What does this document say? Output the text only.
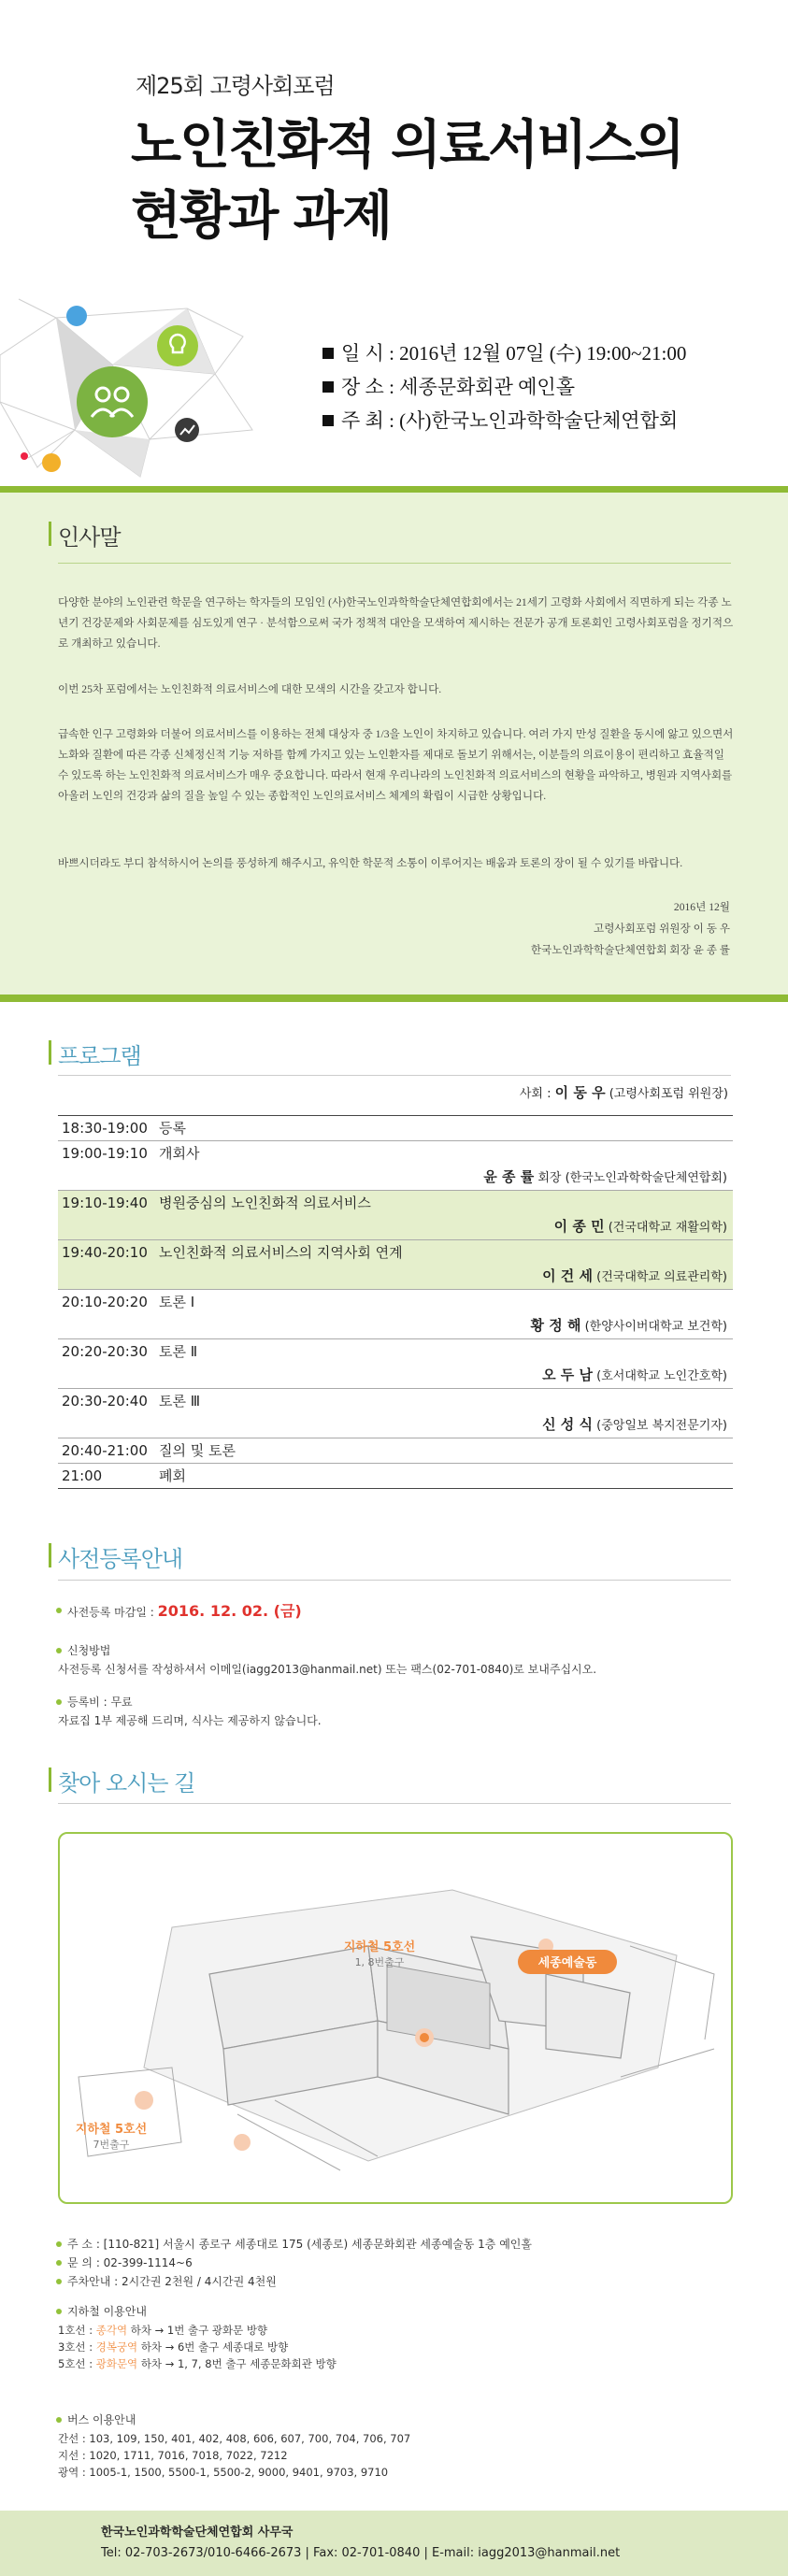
제25회 고령사회포럼
노인친화적 의료서비스의
현황과 과제
일 시 : 2016년 12월 07일 (수) 19:00~21:00
장 소 : 세종문화회관 예인홀
주 최 : (사)한국노인과학학술단체연합회
인사말
다양한 분야의 노인관련 학문을 연구하는 학자들의 모임인 (사)한국노인과학학술단체연합회에서는 21세기 고령화 사회에서 직면하게 되는 각종 노년기 건강문제와 사회문제를 심도있게 연구 · 분석함으로써 국가 정책적 대안을 모색하여 제시하는 전문가 공개 토론회인 고령사회포럼을 정기적으로 개최하고 있습니다.
이번 25차 포럼에서는 노인친화적 의료서비스에 대한 모색의 시간을 갖고자 합니다.
급속한 인구 고령화와 더불어 의료서비스를 이용하는 전체 대상자 중 1/3을 노인이 차지하고 있습니다. 여러 가지 만성 질환을 동시에 앓고 있으면서 노화와 질환에 따른 각종 신체정신적 기능 저하를 함께 가지고 있는 노인환자를 제대로 돌보기 위해서는, 이분들의 의료이용이 편리하고 효율적일 수 있도록 하는 노인친화적 의료서비스가 매우 중요합니다. 따라서 현재 우리나라의 노인친화적 의료서비스의 현황을 파악하고, 병원과 지역사회를 아울러 노인의 건강과 삶의 질을 높일 수 있는 종합적인 노인의료서비스 체계의 확립이 시급한 상황입니다.
바쁘시더라도 부디 참석하시어 논의를 풍성하게 해주시고, 유익한 학문적 소통이 이루어지는 배움과 토론의 장이 될 수 있기를 바랍니다.
2016년 12월
고령사회포럼 위원장 이 동 우
한국노인과학학술단체연합회 회장 윤 종 률
프로그램
사회 : 이 동 우 (고령사회포럼 위원장)
18:30-19:00 등록
19:00-19:10 개회사
윤 종 률 회장 (한국노인과학학술단체연합회)
19:10-19:40 병원중심의 노인친화적 의료서비스
이 종 민 (건국대학교 재활의학)
19:40-20:10 노인친화적 의료서비스의 지역사회 연계
이 건 세 (건국대학교 의료관리학)
20:10-20:20 토론 Ⅰ
황 정 해 (한양사이버대학교 보건학)
20:20-20:30 토론 Ⅱ
오 두 남 (호서대학교 노인간호학)
20:30-20:40 토론 Ⅲ
신 성 식 (중앙일보 복지전문기자)
20:40-21:00 질의 및 토론
21:00	폐회
사전등록안내
사전등록 마감일 : 2016. 12. 02. (금)
신청방법
사전등록 신청서를 작성하셔서 이메일(iagg2013@hanmail.net) 또는 팩스(02-701-0840)로 보내주십시오.
등록비 : 무료
자료집 1부 제공해 드리며, 식사는 제공하지 않습니다.
찾아 오시는 길
세종예술동
지하철 5호선
1, 8번출구
지하철 5호선
7번출구
주 소 : [110-821] 서울시 종로구 세종대로 175 (세종로) 세종문화회관 세종예술동 1층 예인홀
문 의 : 02-399-1114~6
주차안내 : 2시간권 2천원 / 4시간권 4천원
지하철 이용안내
1호선 : 종각역 하차 → 1번 출구 광화문 방향
3호선 : 경복궁역 하차 → 6번 출구 세종대로 방향
5호선 : 광화문역 하차 → 1, 7, 8번 출구 세종문화회관 방향
버스 이용안내
간선 : 103, 109, 150, 401, 402, 408, 606, 607, 700, 704, 706, 707
지선 : 1020, 1711, 7016, 7018, 7022, 7212
광역 : 1005-1, 1500, 5500-1, 5500-2, 9000, 9401, 9703, 9710
한국노인과학학술단체연합회 사무국
Tel: 02-703-2673/010-6466-2673 | Fax: 02-701-0840 | E-mail: iagg2013@hanmail.net
